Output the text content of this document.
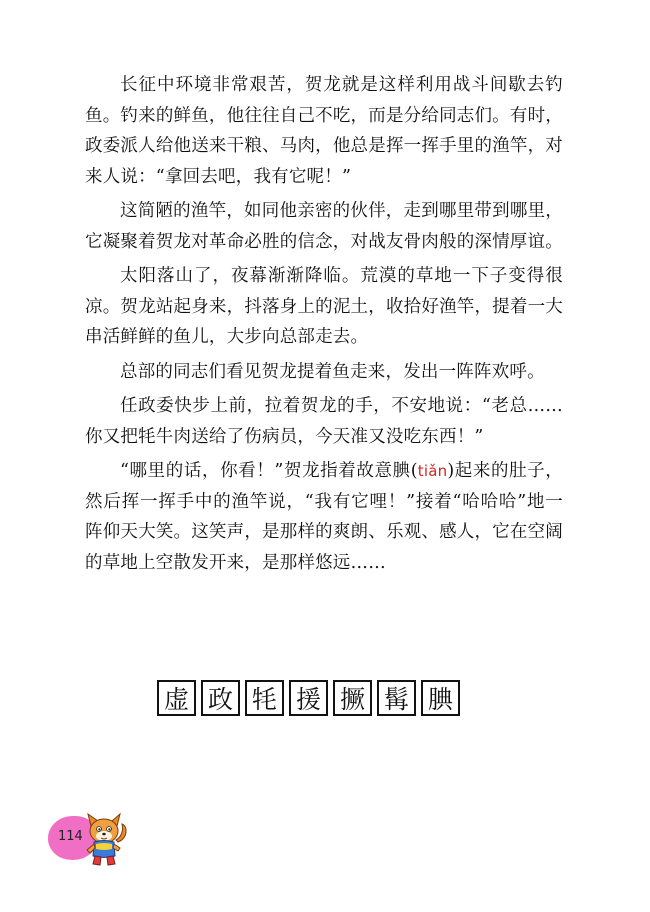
长征中环境非常艰苦，贺龙就是这样利用战斗间歇去钓鱼。钓来的鲜鱼，他往往自己不吃，而是分给同志们。有时，政委派人给他送来干粮、马肉，他总是挥一挥手里的渔竿，对来人说：“拿回去吧，我有它呢！”

这简陋的渔竿，如同他亲密的伙伴，走到哪里带到哪里，它凝聚着贺龙对革命必胜的信念，对战友骨肉般的深情厚谊。

太阳落山了，夜幕渐渐降临。荒漠的草地一下子变得很凉。贺龙站起身来，抖落身上的泥土，收拾好渔竿，提着一大串活鲜鲜的鱼儿，大步向总部走去。

总部的同志们看见贺龙提着鱼走来，发出一阵阵欢呼。

任政委快步上前，拉着贺龙的手，不安地说：“老总……你又把牦牛肉送给了伤病员，今天准又没吃东西！”

“哪里的话，你看！”贺龙指着故意腆(tiǎn)起来的肚子，然后挥一挥手中的渔竿说，“我有它哩！”接着“哈哈哈”地一阵仰天大笑。这笑声，是那样的爽朗、乐观、感人，它在空阔的草地上空散发开来，是那样悠远……

虚 政 牦 援 撅 髯 腆
114
